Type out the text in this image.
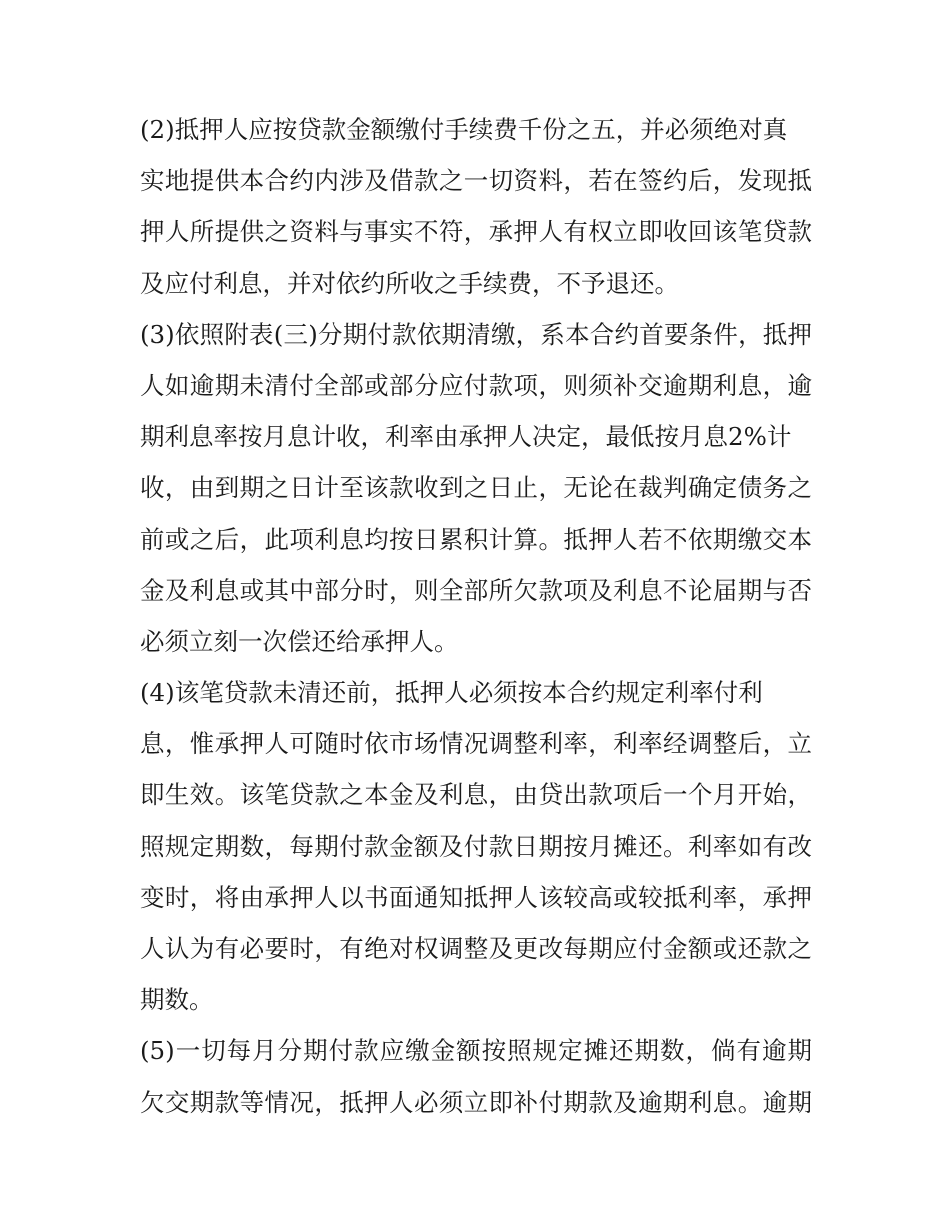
(2)抵押人应按贷款金额缴付手续费千份之五，并必须绝对真
实地提供本合约内涉及借款之一切资料，若在签约后，发现抵
押人所提供之资料与事实不符，承押人有权立即收回该笔贷款
及应付利息，并对依约所收之手续费，不予退还。
(3)依照附表(三)分期付款依期清缴，系本合约首要条件，抵押
人如逾期未清付全部或部分应付款项，则须补交逾期利息，逾
期利息率按月息计收，利率由承押人决定，最低按月息2%计
收，由到期之日计至该款收到之日止，无论在裁判确定债务之
前或之后，此项利息均按日累积计算。抵押人若不依期缴交本
金及利息或其中部分时，则全部所欠款项及利息不论届期与否
必须立刻一次偿还给承押人。
(4)该笔贷款未清还前，抵押人必须按本合约规定利率付利
息，惟承押人可随时依市场情况调整利率，利率经调整后，立
即生效。该笔贷款之本金及利息，由贷出款项后一个月开始，
照规定期数，每期付款金额及付款日期按月摊还。利率如有改
变时，将由承押人以书面通知抵押人该较高或较抵利率，承押
人认为有必要时，有绝对权调整及更改每期应付金额或还款之
期数。
(5)一切每月分期付款应缴金额按照规定摊还期数，倘有逾期
欠交期款等情况，抵押人必须立即补付期款及逾期利息。逾期
